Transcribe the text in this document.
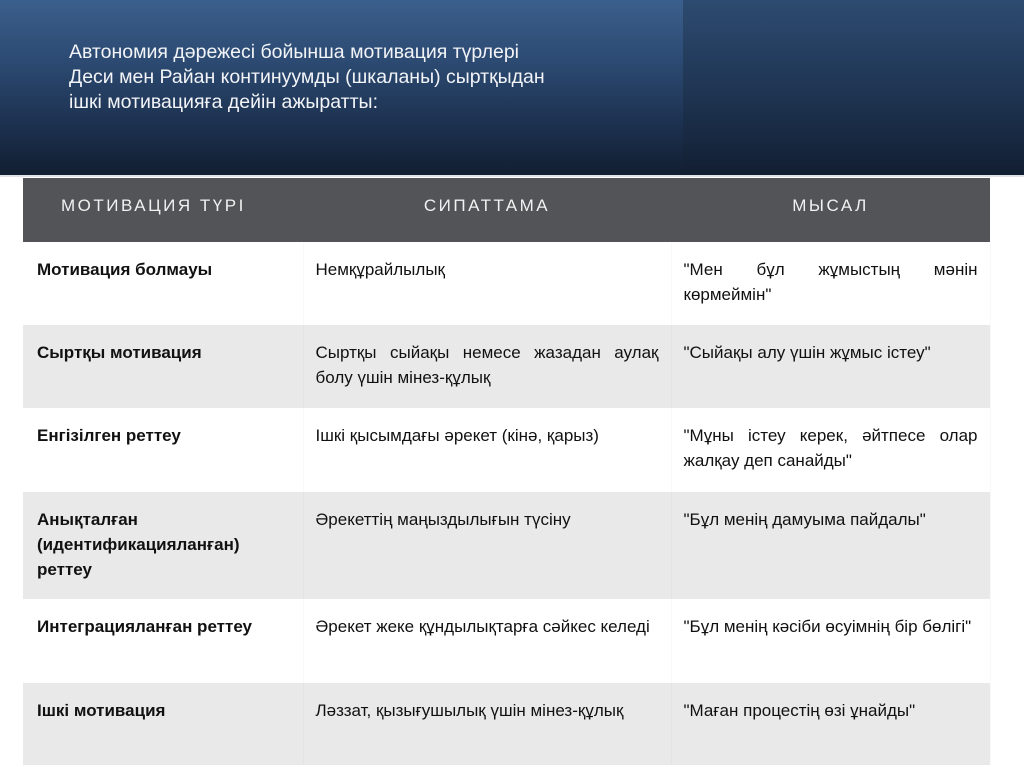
Автономия дәрежесі бойынша мотивация түрлері
Деси мен Райан континуумды (шкаланы) сыртқыдан
ішкі мотивацияға дейін ажыратты:
МОТИВАЦИЯ ТҮРІ	СИПАТТАМА	МЫСАЛ
Мотивация болмауы	Немқұрайлылық	"Мен бұл жұмыстың мәнін көрмеймін"
Сыртқы мотивация	Сыртқы сыйақы немесе жазадан аулақ болу үшін мінез-құлық	"Сыйақы алу үшін жұмыс істеу"
Енгізілген реттеу	Ішкі қысымдағы әрекет (кінә, қарыз)	"Мұны істеу керек, әйтпесе олар жалқау деп санайды"
Анықталған (идентификацияланған) реттеу	Әрекеттің маңыздылығын түсіну	"Бұл менің дамуыма пайдалы"
Интеграцияланған реттеу	Әрекет жеке құндылықтарға сәйкес келеді	"Бұл менің кәсіби өсуімнің бір бөлігі"
Ішкі мотивация	Ләззат, қызығушылық үшін мінез-құлық	"Маған процестің өзі ұнайды"
